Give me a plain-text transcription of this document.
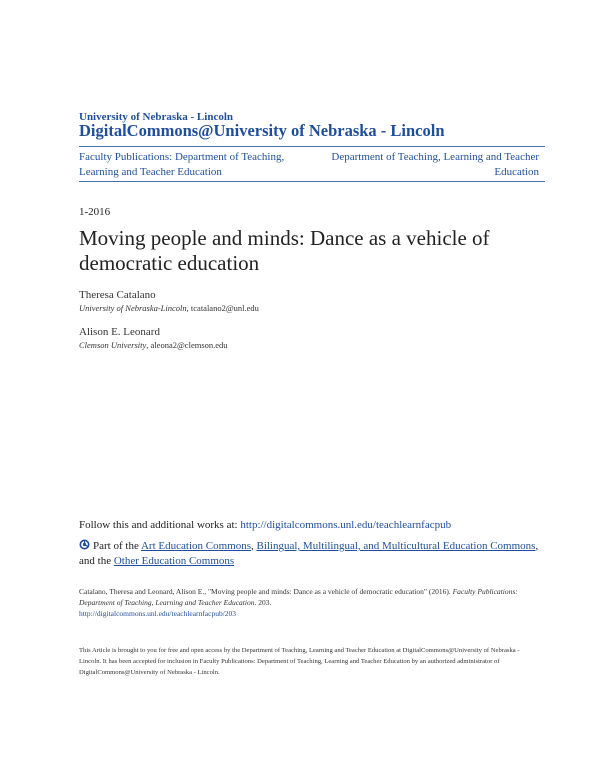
University of Nebraska - Lincoln
DigitalCommons@University of Nebraska - Lincoln
Faculty Publications: Department of Teaching, Learning and Teacher Education
Department of Teaching, Learning and Teacher Education
1-2016
Moving people and minds: Dance as a vehicle of democratic education
Theresa Catalano
University of Nebraska-Lincoln, tcatalano2@unl.edu
Alison E. Leonard
Clemson University, aleona2@clemson.edu
Follow this and additional works at: http://digitalcommons.unl.edu/teachlearnfacpub
Part of the Art Education Commons, Bilingual, Multilingual, and Multicultural Education Commons, and the Other Education Commons
Catalano, Theresa and Leonard, Alison E., "Moving people and minds: Dance as a vehicle of democratic education" (2016). Faculty Publications: Department of Teaching, Learning and Teacher Education. 203.
http://digitalcommons.unl.edu/teachlearnfacpub/203
This Article is brought to you for free and open access by the Department of Teaching, Learning and Teacher Education at DigitalCommons@University of Nebraska - Lincoln. It has been accepted for inclusion in Faculty Publications: Department of Teaching, Learning and Teacher Education by an authorized administrator of DigitalCommons@University of Nebraska - Lincoln.
